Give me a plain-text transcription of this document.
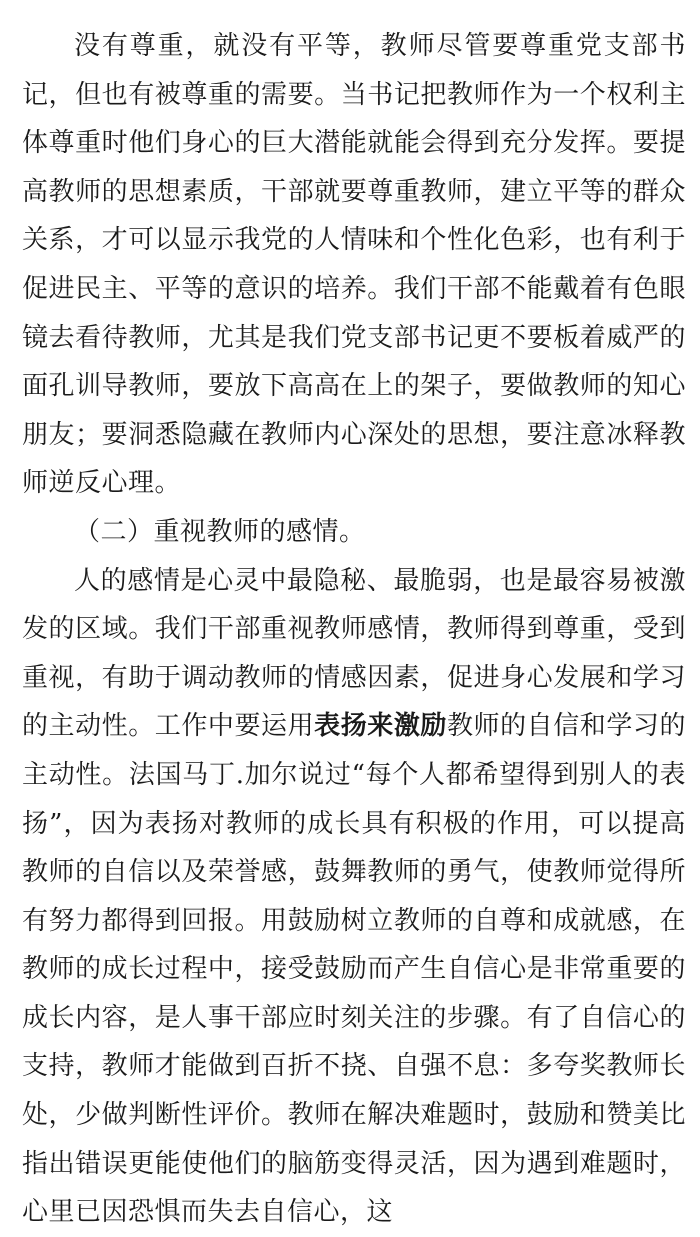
没有尊重，就没有平等，教师尽管要尊重党支部书记，但也有被尊重的需要。当书记把教师作为一个权利主体尊重时他们身心的巨大潜能就能会得到充分发挥。要提高教师的思想素质，干部就要尊重教师，建立平等的群众关系，才可以显示我党的人情味和个性化色彩，也有利于促进民主、平等的意识的培养。我们干部不能戴着有色眼镜去看待教师，尤其是我们党支部书记更不要板着威严的面孔训导教师，要放下高高在上的架子，要做教师的知心朋友；要洞悉隐藏在教师内心深处的思想，要注意冰释教师逆反心理。

（二）重视教师的感情。

人的感情是心灵中最隐秘、最脆弱，也是最容易被激发的区域。我们干部重视教师感情，教师得到尊重，受到重视，有助于调动教师的情感因素，促进身心发展和学习的主动性。工作中要运用表扬来激励教师的自信和学习的主动性。法国马丁.加尔说过“每个人都希望得到别人的表扬”，因为表扬对教师的成长具有积极的作用，可以提高教师的自信以及荣誉感，鼓舞教师的勇气，使教师觉得所有努力都得到回报。用鼓励树立教师的自尊和成就感，在教师的成长过程中，接受鼓励而产生自信心是非常重要的成长内容，是人事干部应时刻关注的步骤。有了自信心的支持，教师才能做到百折不挠、自强不息：多夸奖教师长处，少做判断性评价。教师在解决难题时，鼓励和赞美比指出错误更能使他们的脑筋变得灵活，因为遇到难题时，心里已因恐惧而失去自信心，这
